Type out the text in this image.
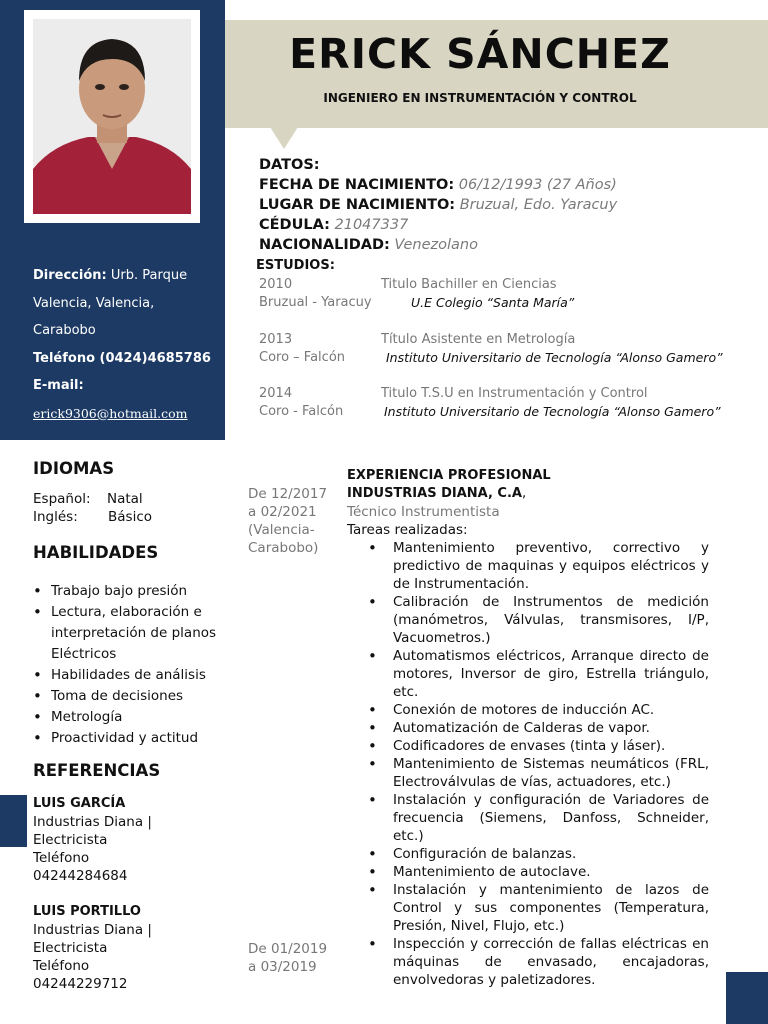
ERICK SÁNCHEZ
INGENIERO EN INSTRUMENTACIÓN Y CONTROL
Dirección: Urb. Parque
Valencia, Valencia,
Carabobo
Teléfono (0424)4685786
E-mail:
erick9306@hotmail.com
DATOS:
FECHA DE NACIMIENTO: 06/12/1993 (27 Años)
LUGAR DE NACIMIENTO: Bruzual, Edo. Yaracuy
CÉDULA: 21047337
NACIONALIDAD: Venezolano
ESTUDIOS:
2010
Bruzual - Yaracuy
Titulo Bachiller en Ciencias
U.E Colegio “Santa María”
2013
Coro – Falcón
Título Asistente en Metrología
Instituto Universitario de Tecnología “Alonso Gamero”
2014
Coro - Falcón
Titulo T.S.U en Instrumentación y Control
Instituto Universitario de Tecnología “Alonso Gamero”
IDIOMAS
Español: Natal
Inglés: Básico
HABILIDADES
• Trabajo bajo presión
• Lectura, elaboración e interpretación de planos Eléctricos
• Habilidades de análisis
• Toma de decisiones
• Metrología
• Proactividad y actitud
REFERENCIAS
LUIS GARCÍA
Industrias Diana |
Electricista
Teléfono
04244284684
LUIS PORTILLO
Industrias Diana |
Electricista
Teléfono
04244229712
De 12/2017
a 02/2021
(Valencia-
Carabobo)
De 01/2019
a 03/2019
EXPERIENCIA PROFESIONAL
INDUSTRIAS DIANA, C.A,
Técnico Instrumentista
Tareas realizadas:
• Mantenimiento preventivo, correctivo y predictivo de maquinas y equipos eléctricos y de Instrumentación.
• Calibración de Instrumentos de medición (manómetros, Válvulas, transmisores, I/P, Vacuometros.)
• Automatismos eléctricos, Arranque directo de motores, Inversor de giro, Estrella triángulo, etc.
• Conexión de motores de inducción AC.
• Automatización de Calderas de vapor.
• Codificadores de envases (tinta y láser).
• Mantenimiento de Sistemas neumáticos (FRL, Electroválvulas de vías, actuadores, etc.)
• Instalación y configuración de Variadores de frecuencia (Siemens, Danfoss, Schneider, etc.)
• Configuración de balanzas.
• Mantenimiento de autoclave.
• Instalación y mantenimiento de lazos de Control y sus componentes (Temperatura, Presión, Nivel, Flujo, etc.)
• Inspección y corrección de fallas eléctricas en máquinas de envasado, encajadoras, envolvedoras y paletizadores.
